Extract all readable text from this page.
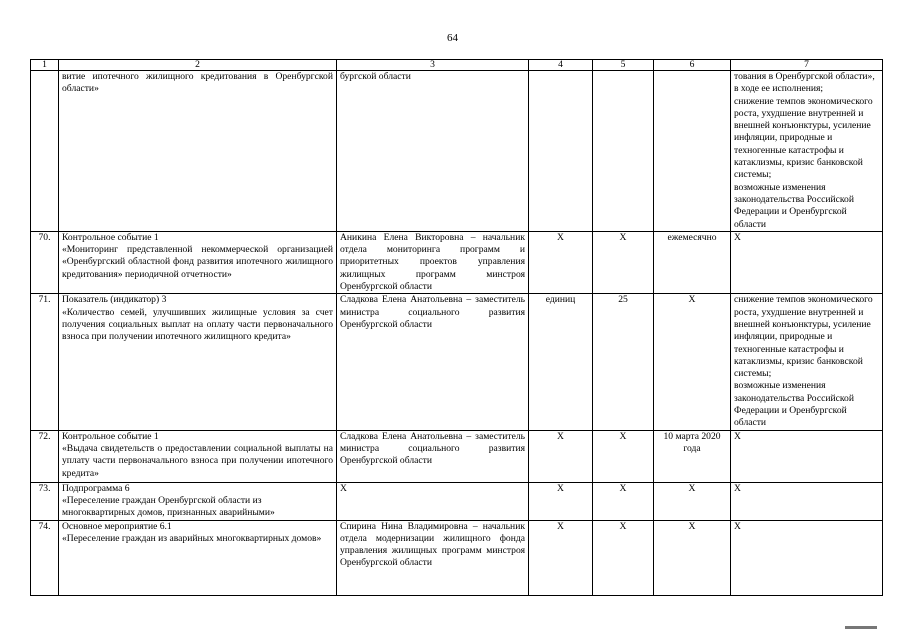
64
1	2	3	4	5	6	7
	витие ипотечного жилищного кредитования в Оренбургской области»	бургской области				тования в Оренбургской области», в ходе ее исполнения;
снижение темпов экономического роста, ухудшение внутренней и внешней конъюнктуры, усиление инфляции, природные и техногенные катастрофы и катаклизмы, кризис банковской системы;
возможные изменения законодательства Российской Федерации и Оренбургской области
70.	Контрольное событие 1
«Мониторинг представленной некоммерческой организацией «Оренбургский областной фонд развития ипотечного жилищного кредитования» периодичной отчетности»	Аникина Елена Викторовна – начальник отдела мониторинга программ и приоритетных проектов управления жилищных программ минстроя Оренбургской области	X	X	ежемесячно	X
71.	Показатель (индикатор) 3
«Количество семей, улучшивших жилищные условия за счет получения социальных выплат на оплату части первоначального взноса при получении ипотечного жилищного кредита»	Сладкова Елена Анатольевна – заместитель министра социального развития Оренбургской области	единиц	25	X	снижение темпов экономического роста, ухудшение внутренней и внешней конъюнктуры, усиление инфляции, природные и техногенные катастрофы и катаклизмы, кризис банковской системы;
возможные изменения законодательства Российской Федерации и Оренбургской области
72.	Контрольное событие 1
«Выдача свидетельств о предоставлении социальной выплаты на уплату части первоначального взноса при получении ипотечного кредита»	Сладкова Елена Анатольевна – заместитель министра социального развития Оренбургской области	X	X	10 марта 2020 года	X
73.	Подпрограмма 6
«Переселение граждан Оренбургской области из многоквартирных домов, признанных аварийными»	X	X	X	X	X
74.	Основное мероприятие 6.1
«Переселение граждан из аварийных многоквартирных домов»	Спирина Нина Владимировна – начальник отдела модернизации жилищного фонда управления жилищных программ минстроя Оренбургской области	X	X	X	X
